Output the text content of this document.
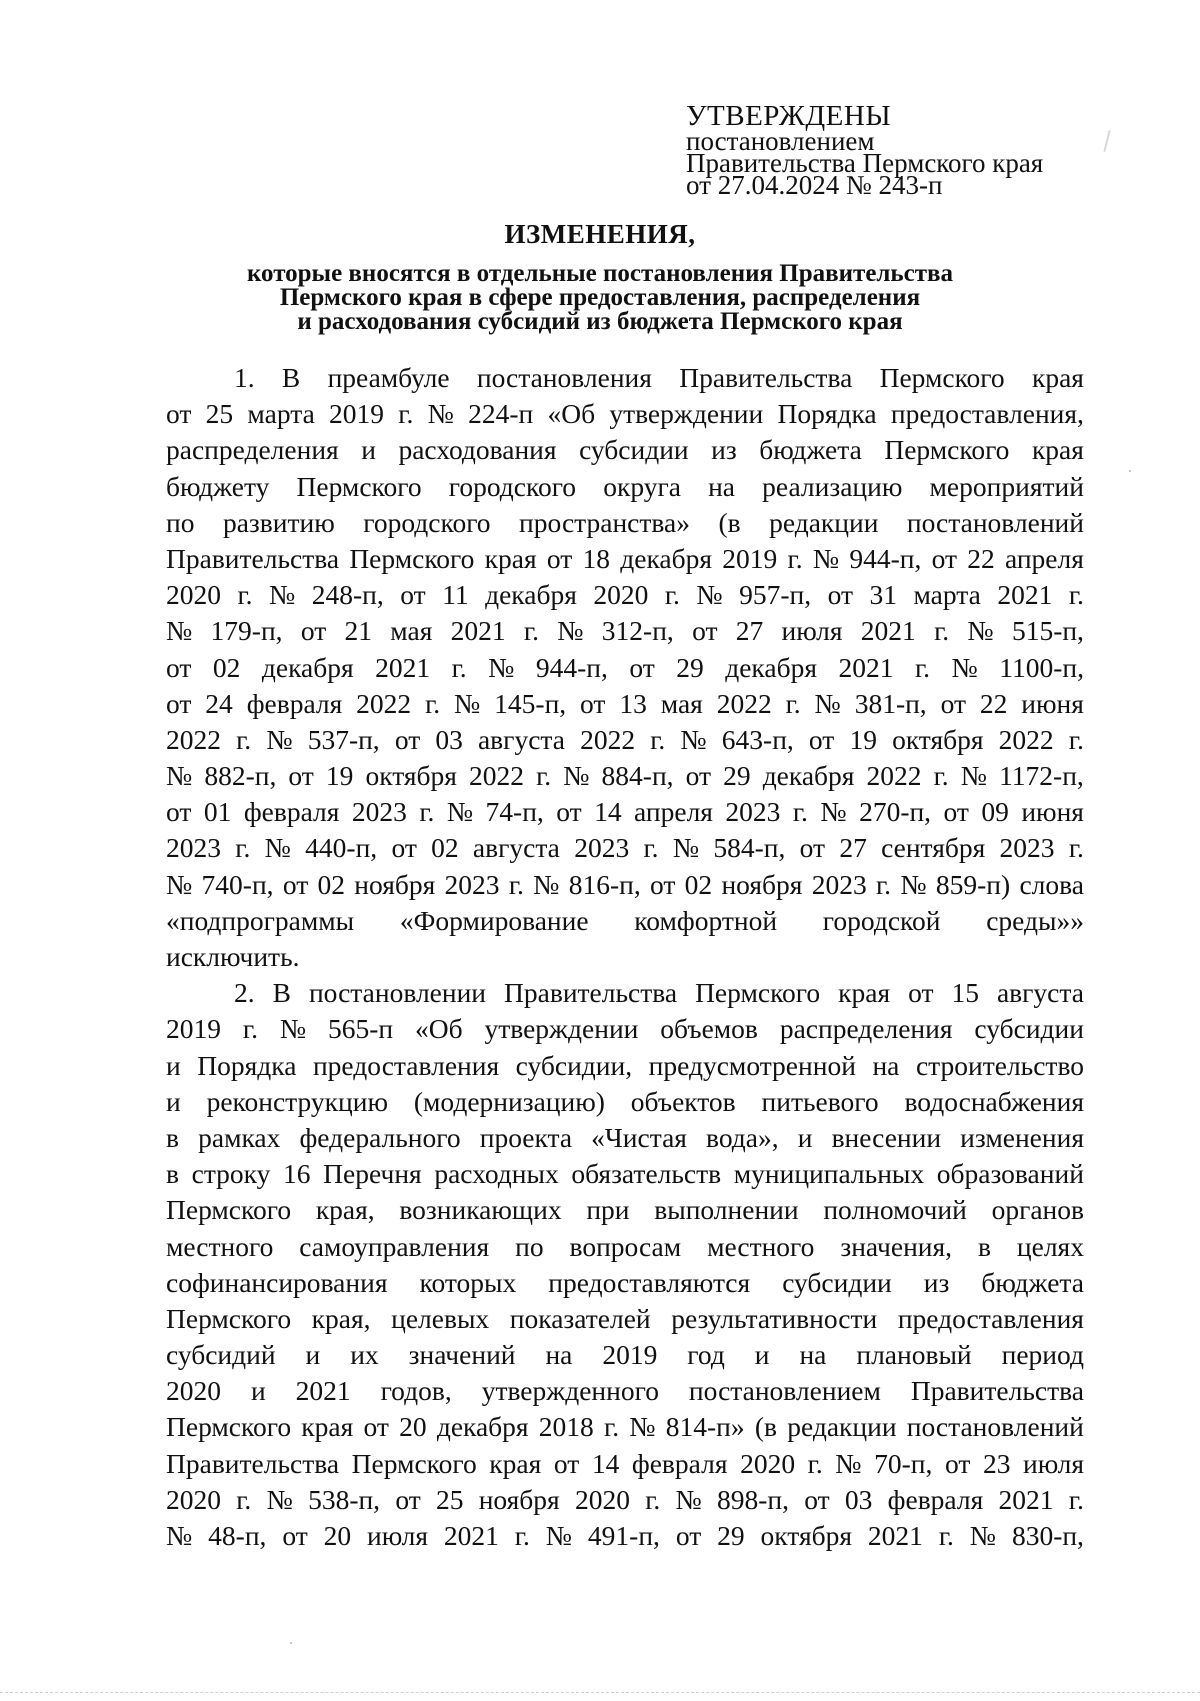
УТВЕРЖДЕНЫ
постановлением
Правительства Пермского края
от 27.04.2024 № 243-п
ИЗМЕНЕНИЯ,
которые вносятся в отдельные постановления Правительства
Пермского края в сфере предоставления, распределения
и расходования субсидий из бюджета Пермского края
1. В преамбуле постановления Правительства Пермского края
от 25 марта 2019 г. № 224-п «Об утверждении Порядка предоставления,
распределения и расходования субсидии из бюджета Пермского края
бюджету Пермского городского округа на реализацию мероприятий
по развитию городского пространства» (в редакции постановлений
Правительства Пермского края от 18 декабря 2019 г. № 944-п, от 22 апреля
2020 г. № 248-п, от 11 декабря 2020 г. № 957-п, от 31 марта 2021 г.
№ 179-п, от 21 мая 2021 г. № 312-п, от 27 июля 2021 г. № 515-п,
от 02 декабря 2021 г. № 944-п, от 29 декабря 2021 г. № 1100-п,
от 24 февраля 2022 г. № 145-п, от 13 мая 2022 г. № 381-п, от 22 июня
2022 г. № 537-п, от 03 августа 2022 г. № 643-п, от 19 октября 2022 г.
№ 882-п, от 19 октября 2022 г. № 884-п, от 29 декабря 2022 г. № 1172-п,
от 01 февраля 2023 г. № 74-п, от 14 апреля 2023 г. № 270-п, от 09 июня
2023 г. № 440-п, от 02 августа 2023 г. № 584-п, от 27 сентября 2023 г.
№ 740-п, от 02 ноября 2023 г. № 816-п, от 02 ноября 2023 г. № 859-п) слова
«подпрограммы «Формирование комфортной городской среды»»
исключить.
2. В постановлении Правительства Пермского края от 15 августа
2019 г. № 565-п «Об утверждении объемов распределения субсидии
и Порядка предоставления субсидии, предусмотренной на строительство
и реконструкцию (модернизацию) объектов питьевого водоснабжения
в рамках федерального проекта «Чистая вода», и внесении изменения
в строку 16 Перечня расходных обязательств муниципальных образований
Пермского края, возникающих при выполнении полномочий органов
местного самоуправления по вопросам местного значения, в целях
софинансирования которых предоставляются субсидии из бюджета
Пермского края, целевых показателей результативности предоставления
субсидий и их значений на 2019 год и на плановый период
2020 и 2021 годов, утвержденного постановлением Правительства
Пермского края от 20 декабря 2018 г. № 814-п» (в редакции постановлений
Правительства Пермского края от 14 февраля 2020 г. № 70-п, от 23 июля
2020 г. № 538-п, от 25 ноября 2020 г. № 898-п, от 03 февраля 2021 г.
№ 48-п, от 20 июля 2021 г. № 491-п, от 29 октября 2021 г. № 830-п,
